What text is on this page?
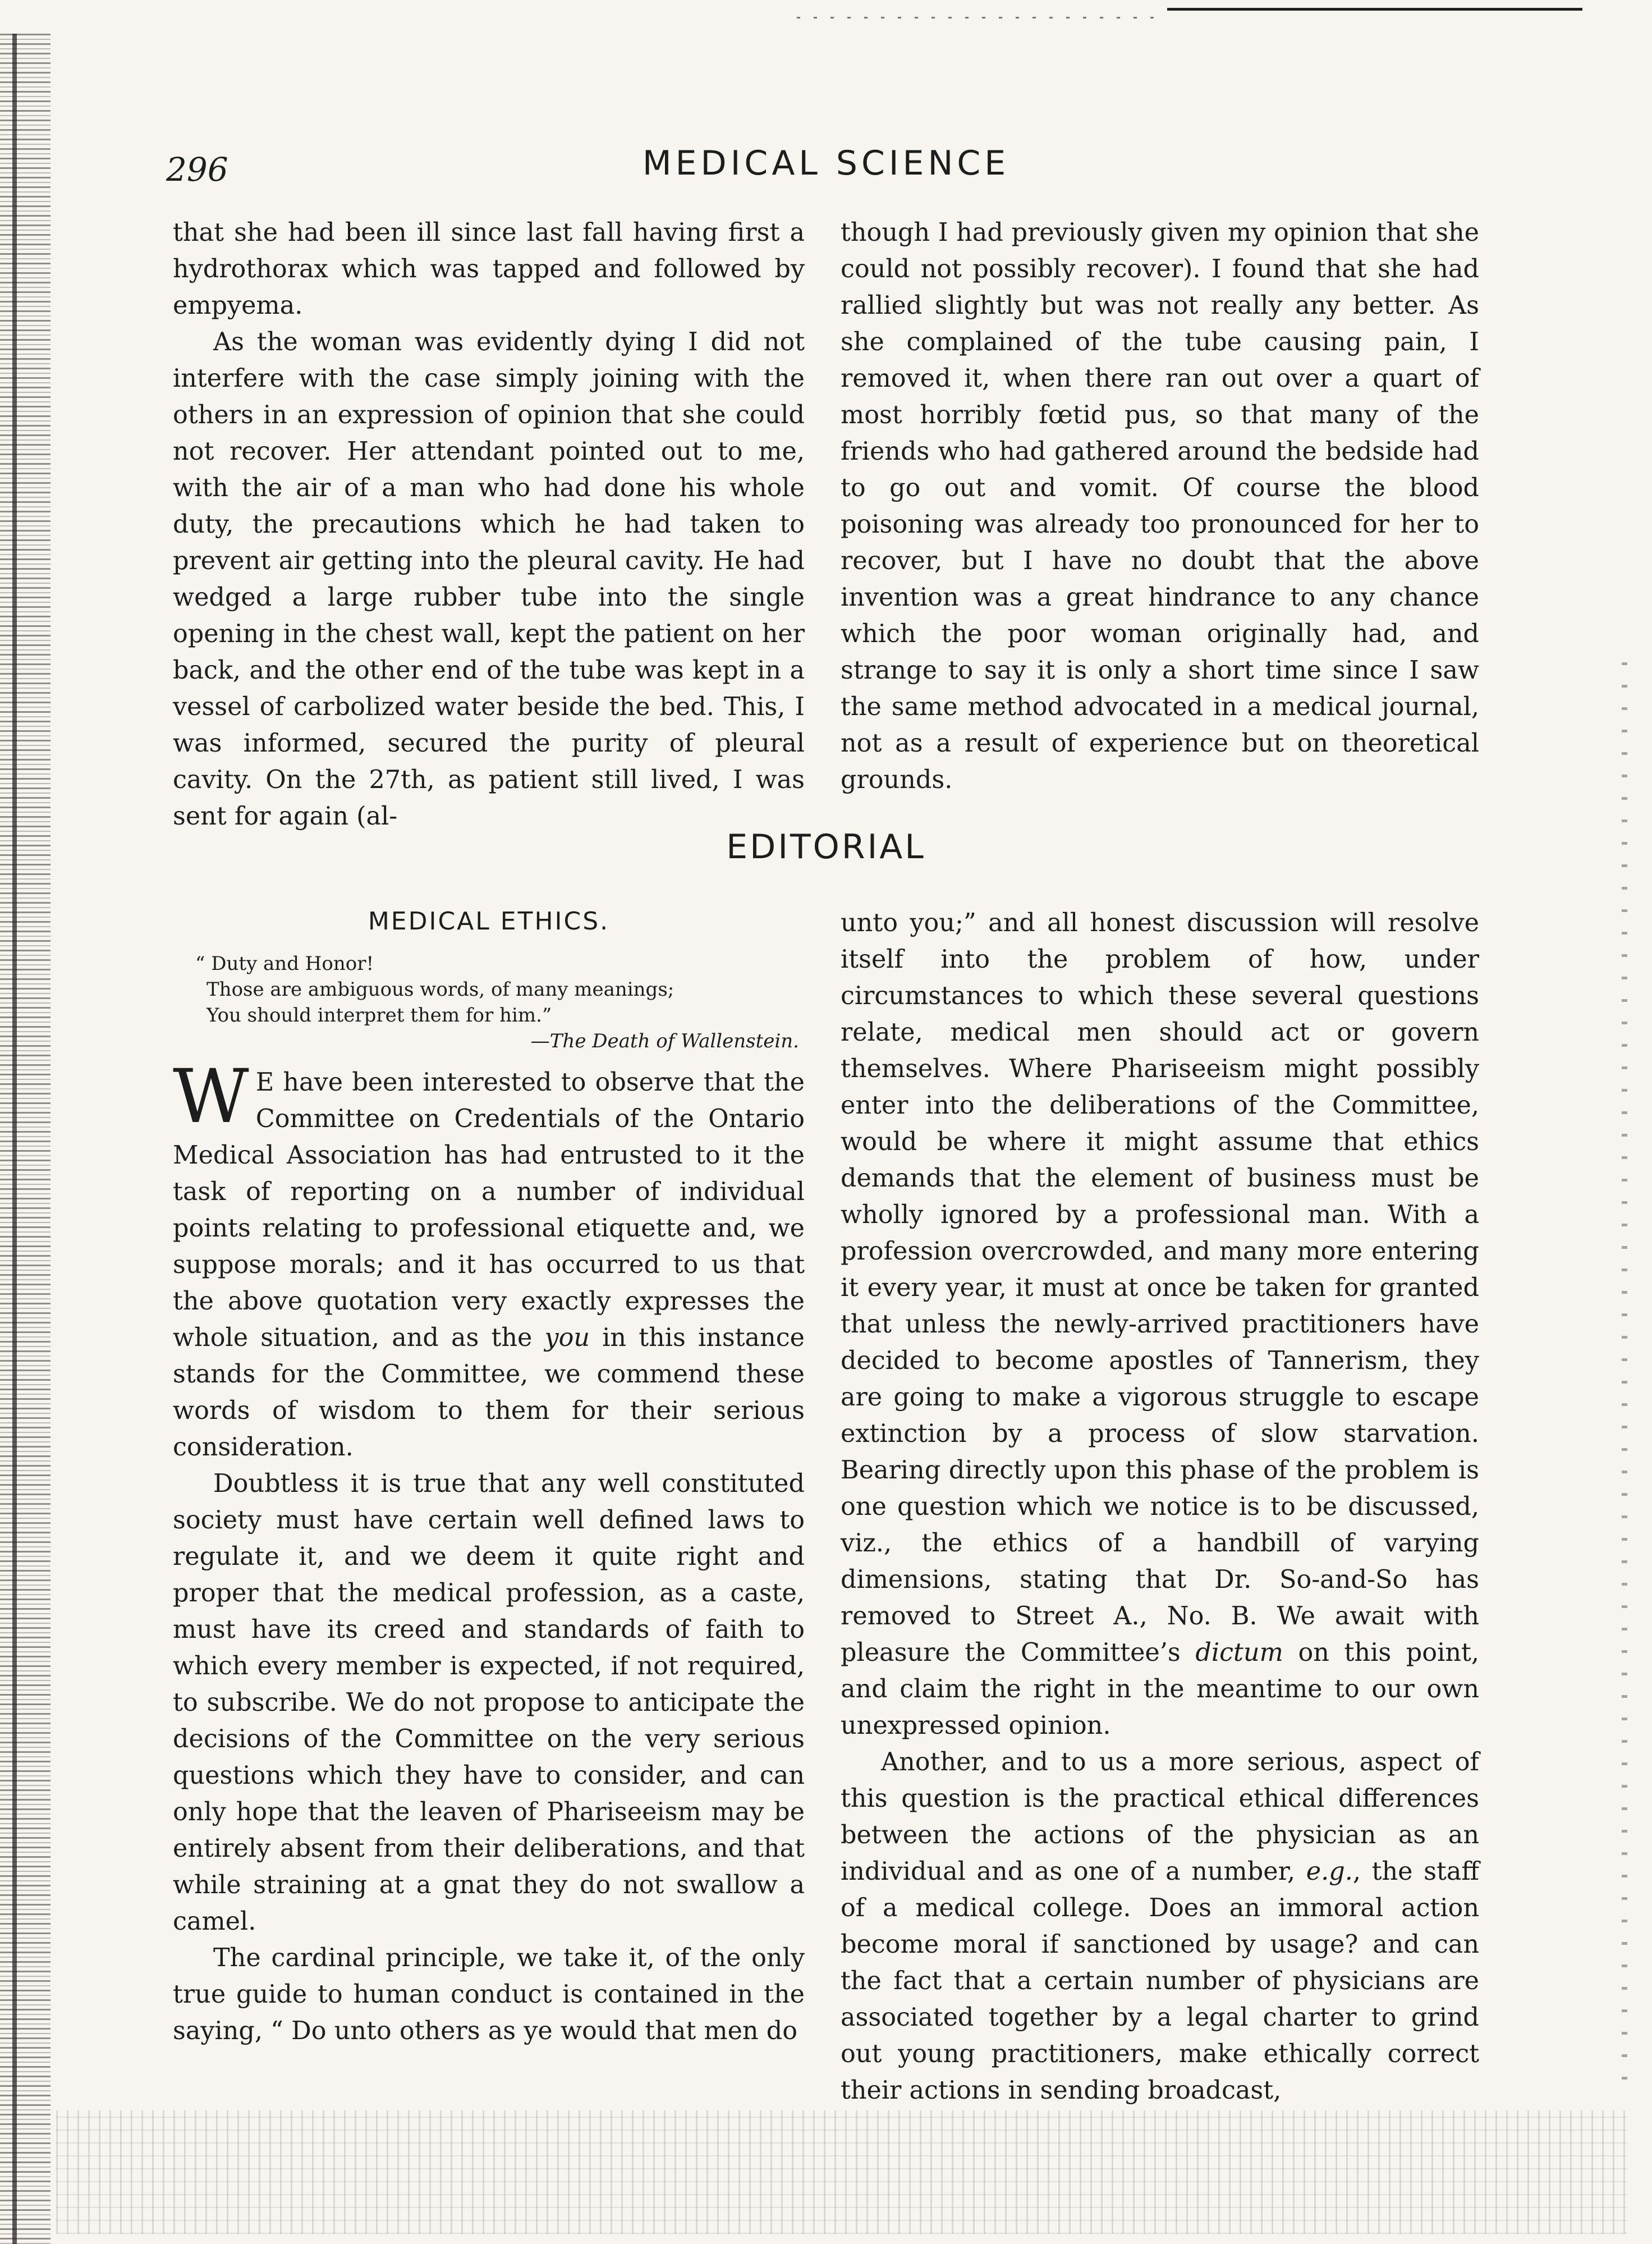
296	MEDICAL SCIENCE

that she had been ill since last fall having first a hydrothorax which was tapped and followed by empyema.

As the woman was evidently dying I did not interfere with the case simply joining with the others in an expression of opinion that she could not recover. Her attendant pointed out to me, with the air of a man who had done his whole duty, the precautions which he had taken to prevent air getting into the pleural cavity. He had wedged a large rubber tube into the single opening in the chest wall, kept the patient on her back, and the other end of the tube was kept in a vessel of carbolized water beside the bed. This, I was informed, secured the purity of pleural cavity. On the 27th, as patient still lived, I was sent for again (al-

though I had previously given my opinion that she could not possibly recover). I found that she had rallied slightly but was not really any better. As she complained of the tube causing pain, I removed it, when there ran out over a quart of most horribly fœtid pus, so that many of the friends who had gathered around the bedside had to go out and vomit. Of course the blood poisoning was already too pronounced for her to recover, but I have no doubt that the above invention was a great hindrance to any chance which the poor woman originally had, and strange to say it is only a short time since I saw the same method advocated in a medical journal, not as a result of experience but on theoretical grounds.

EDITORIAL
MEDICAL ETHICS.
“ Duty and Honor!
Those are ambiguous words, of many meanings;
You should interpret them for him.”
—The Death of Wallenstein.

W E have been interested to observe that the Committee on Credentials of the Ontario Medical Association has had entrusted to it the task of reporting on a number of individual points relating to professional etiquette and, we suppose morals; and it has occurred to us that the above quotation very exactly expresses the whole situation, and as the you in this instance stands for the Committee, we commend these words of wisdom to them for their serious consideration.

Doubtless it is true that any well constituted society must have certain well defined laws to regulate it, and we deem it quite right and proper that the medical profession, as a caste, must have its creed and standards of faith to which every member is expected, if not required, to subscribe. We do not propose to anticipate the decisions of the Committee on the very serious questions which they have to consider, and can only hope that the leaven of Phariseeism may be entirely absent from their deliberations, and that while straining at a gnat they do not swallow a camel.

The cardinal principle, we take it, of the only true guide to human conduct is contained in the saying, “ Do unto others as ye would that men do

unto you;” and all honest discussion will resolve itself into the problem of how, under circumstances to which these several questions relate, medical men should act or govern themselves. Where Phariseeism might possibly enter into the deliberations of the Committee, would be where it might assume that ethics demands that the element of business must be wholly ignored by a professional man. With a profession overcrowded, and many more entering it every year, it must at once be taken for granted that unless the newly-arrived practitioners have decided to become apostles of Tannerism, they are going to make a vigorous struggle to escape extinction by a process of slow starvation. Bearing directly upon this phase of the problem is one question which we notice is to be discussed, viz., the ethics of a handbill of varying dimensions, stating that Dr. So-and-So has removed to Street A., No. B. We await with pleasure the Committee’s dictum on this point, and claim the right in the meantime to our own unexpressed opinion.

Another, and to us a more serious, aspect of this question is the practical ethical differences between the actions of the physician as an individual and as one of a number, e.g., the staff of a medical college. Does an immoral action become moral if sanctioned by usage? and can the fact that a certain number of physicians are associated together by a legal charter to grind out young practitioners, make ethically correct their actions in sending broadcast,
